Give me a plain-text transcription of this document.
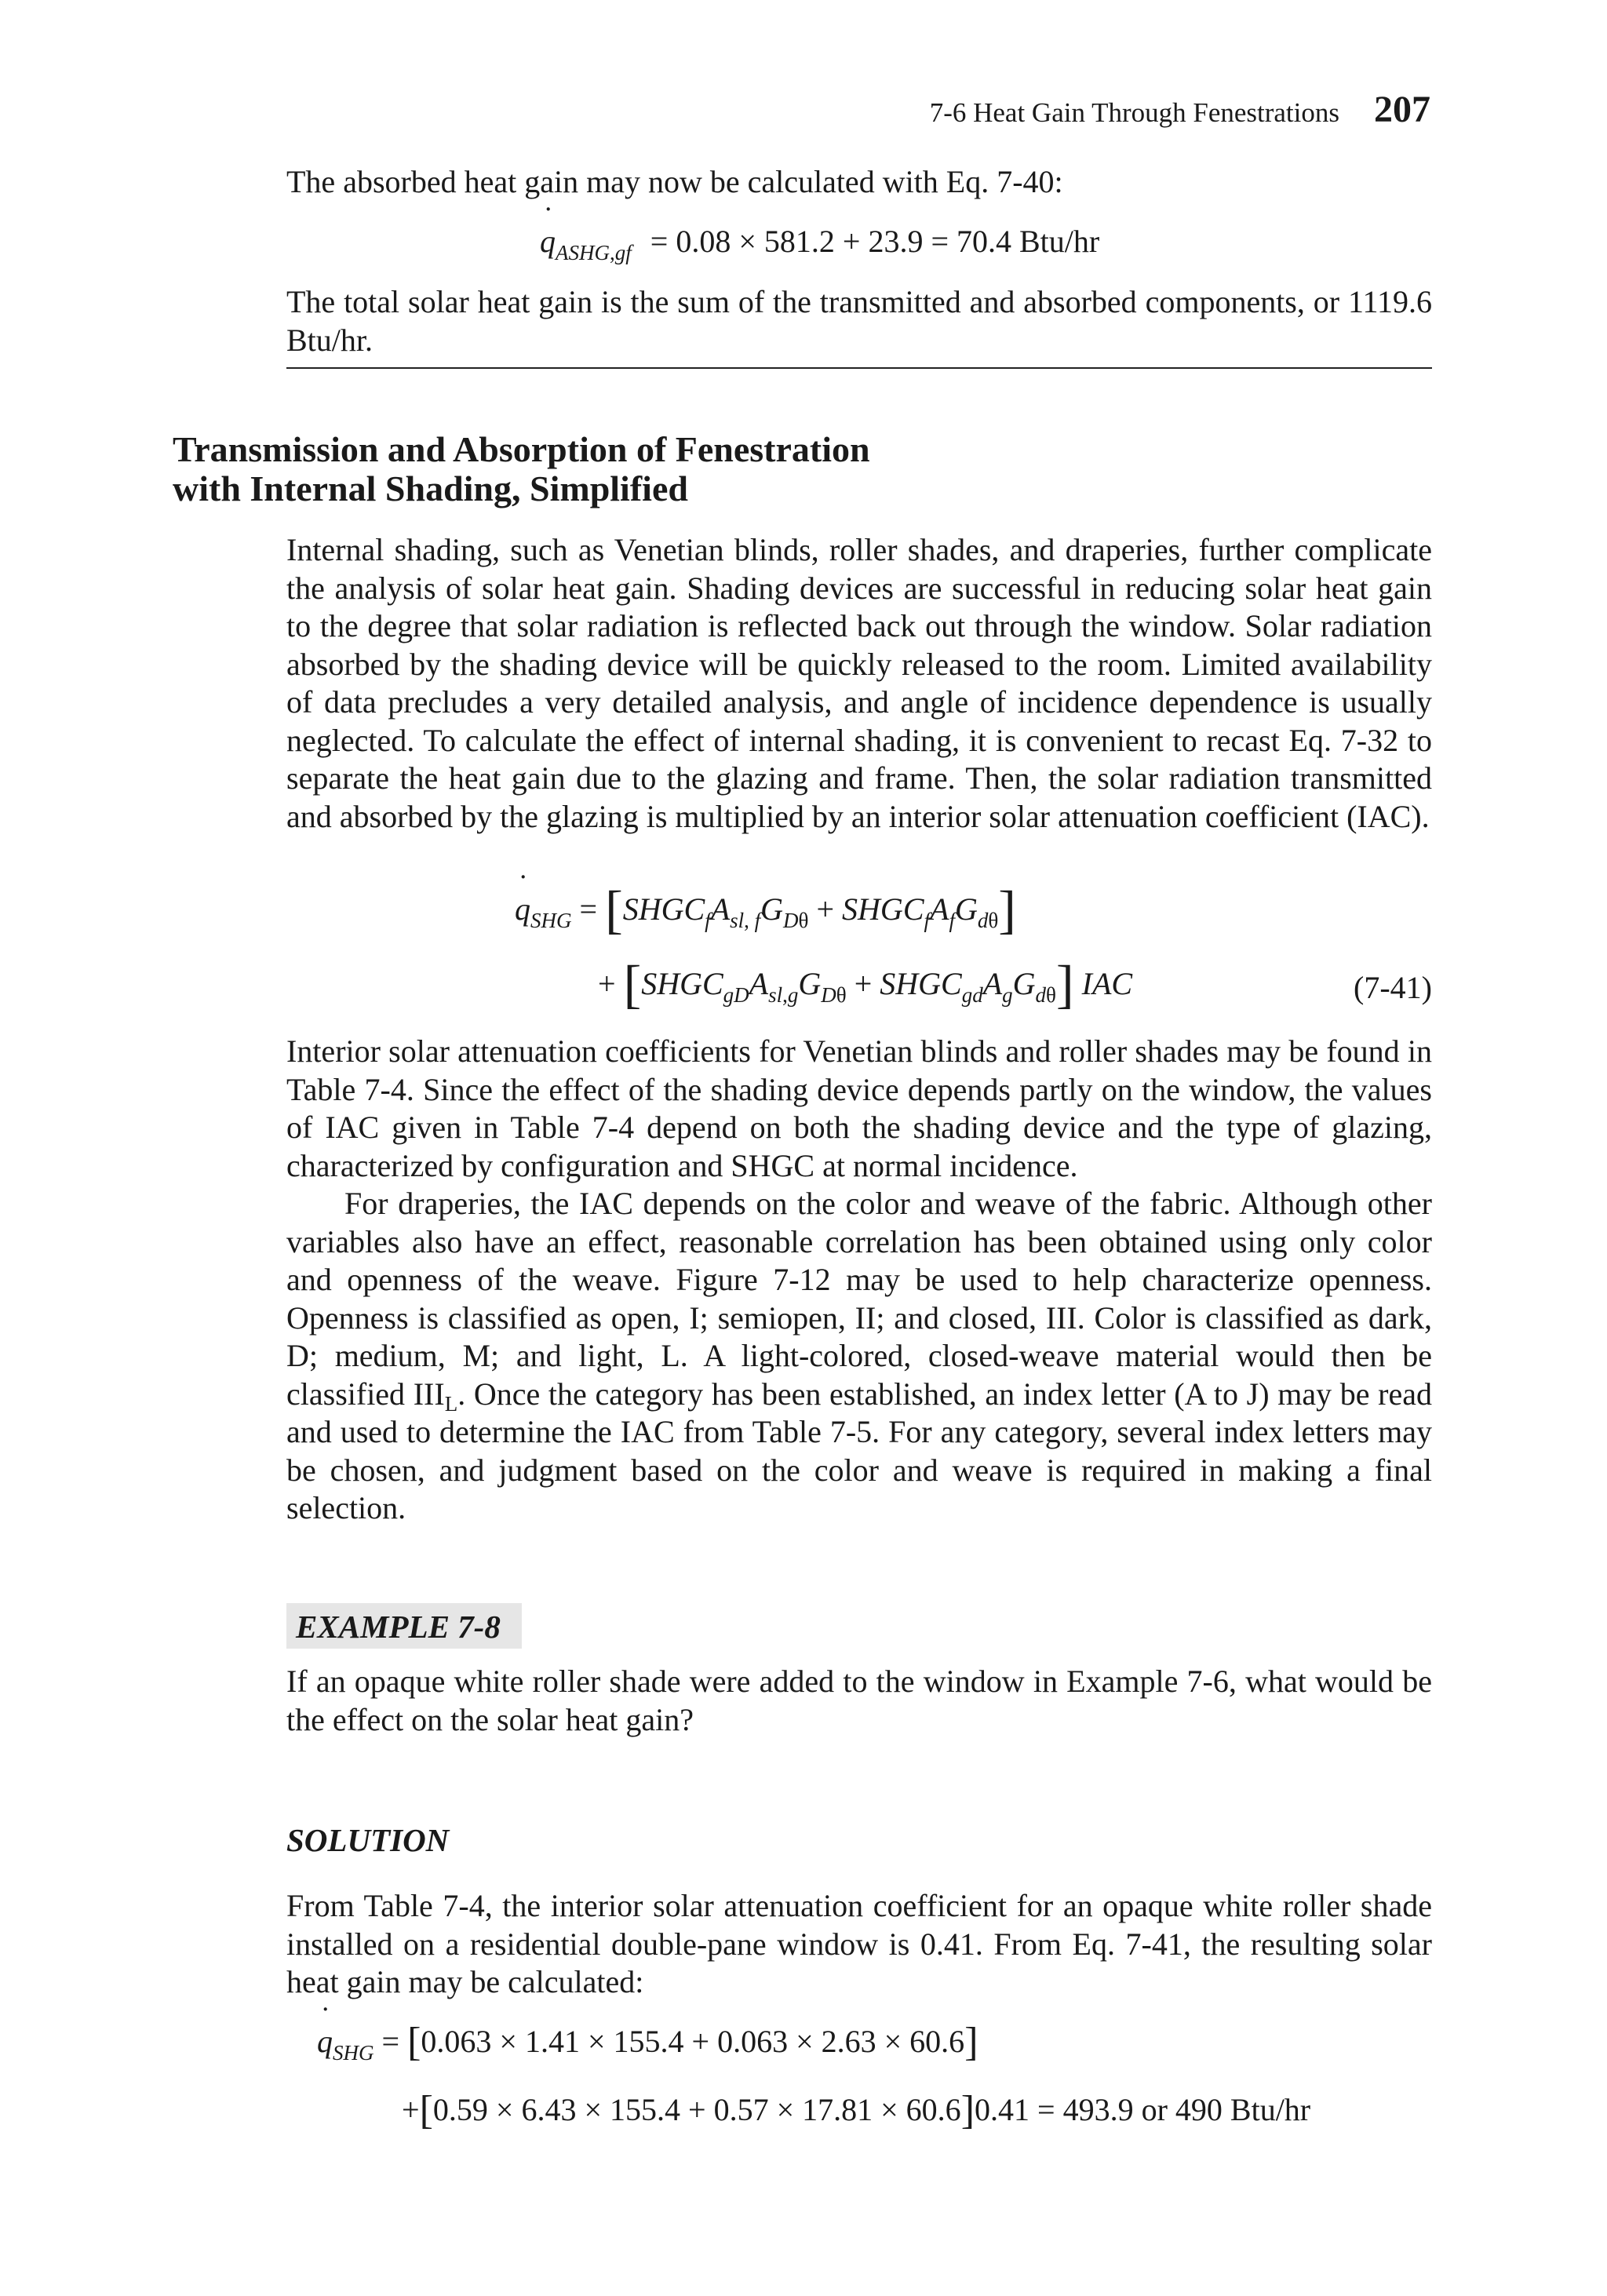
7-6 Heat Gain Through Fenestrations 207

The absorbed heat gain may now be calculated with Eq. 7-40:

˙ $q_{ASHG,gf} = 0.08 \times 581.2 + 23.9 = 70.4$ Btu/hr

The total solar heat gain is the sum of the transmitted and absorbed components, or 1119.6 Btu/hr.

Transmission and Absorption of Fenestration
with Internal Shading, Simplified

Internal shading, such as Venetian blinds, roller shades, and draperies, further complicate the analysis of solar heat gain. Shading devices are successful in reducing solar heat gain to the degree that solar radiation is reflected back out through the window. Solar radiation absorbed by the shading device will be quickly released to the room. Limited availability of data precludes a very detailed analysis, and angle of incidence dependence is usually neglected. To calculate the effect of internal shading, it is convenient to recast Eq. 7-32 to separate the heat gain due to the glazing and frame. Then, the solar radiation transmitted and absorbed by the glazing is multiplied by an interior solar attenuation coefficient (IAC).

˙ $q_{SHG}$ = [$SHGC_fA_{sl, f}G_{D\theta}$ + $SHGC_fA_fG_{d\theta}$]
+ [$SHGC_{gD}A_{sl,g}G_{D\theta}$ + $SHGC_{gd}A_gG_{d\theta}$] IAC	(7-41)

Interior solar attenuation coefficients for Venetian blinds and roller shades may be found in Table 7-4. Since the effect of the shading device depends partly on the window, the values of IAC given in Table 7-4 depend on both the shading device and the type of glazing, characterized by configuration and SHGC at normal incidence.

For draperies, the IAC depends on the color and weave of the fabric. Although other variables also have an effect, reasonable correlation has been obtained using only color and openness of the weave. Figure 7-12 may be used to help characterize openness. Openness is classified as open, I; semiopen, II; and closed, III. Color is classified as dark, D; medium, M; and light, L. A light-colored, closed-weave material would then be classified $III_L$. Once the category has been established, an index letter (A to J) may be read and used to determine the IAC from Table 7-5. For any category, several index letters may be chosen, and judgment based on the color and weave is required in making a final selection.

EXAMPLE 7-8

If an opaque white roller shade were added to the window in Example 7-6, what would be the effect on the solar heat gain?

SOLUTION

From Table 7-4, the interior solar attenuation coefficient for an opaque white roller shade installed on a residential double-pane window is 0.41. From Eq. 7-41, the resulting solar heat gain may be calculated:

˙ $q_{SHG} = [0.063 \times 1.41 \times 155.4 + 0.063 \times 2.63 \times 60.6]$
+[0.59 × 6.43 × 155.4 + 0.57 × 17.81 × 60.6]0.41 = 493.9 or 490 Btu/hr
